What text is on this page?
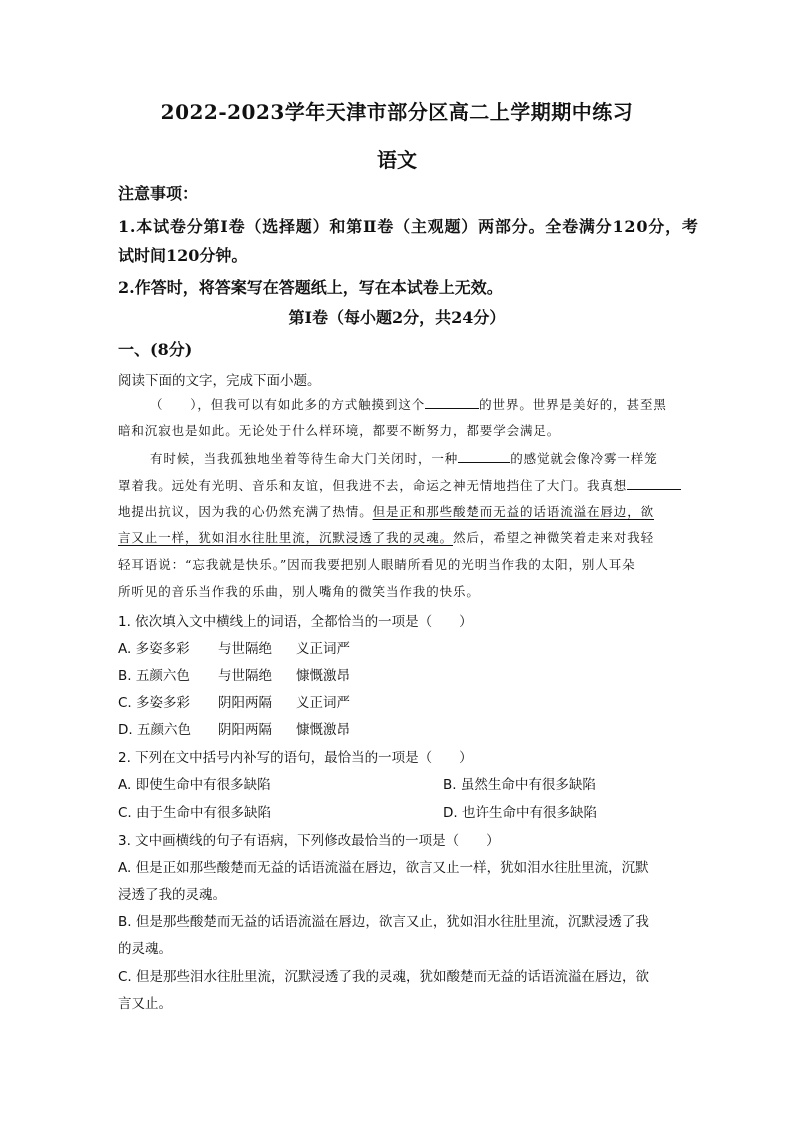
2022-2023学年天津市部分区高二上学期期中练习
语文
注意事项：
1.本试卷分第Ⅰ卷（选择题）和第Ⅱ卷（主观题）两部分。全卷满分120分，考
试时间120分钟。
2.作答时，将答案写在答题纸上，写在本试卷上无效。
第Ⅰ卷（每小题2分，共24分）
一、(8分)
阅读下面的文字，完成下面小题。
（　　），但我可以有如此多的方式触摸到这个	的世界。世界是美好的，甚至黑
暗和沉寂也是如此。无论处于什么样环境，都要不断努力，都要学会满足。
有时候，当我孤独地坐着等待生命大门关闭时，一种	的感觉就会像冷雾一样笼
罩着我。远处有光明、音乐和友谊，但我进不去，命运之神无情地挡住了大门。我真想
地提出抗议，因为我的心仍然充满了热情。但是正和那些酸楚而无益的话语流溢在唇边，欲
言又止一样，犹如泪水往肚里流，沉默浸透了我的灵魂。然后，希望之神微笑着走来对我轻
轻耳语说：“忘我就是快乐。”因而我要把别人眼睛所看见的光明当作我的太阳，别人耳朵
所听见的音乐当作我的乐曲，别人嘴角的微笑当作我的快乐。
1. 依次填入文中横线上的词语，全都恰当的一项是（　　）
A. 多姿多彩 与世隔绝 义正词严
B. 五颜六色 与世隔绝 慷慨激昂
C. 多姿多彩 阴阳两隔 义正词严
D. 五颜六色 阴阳两隔 慷慨激昂
2. 下列在文中括号内补写的语句，最恰当的一项是（　　）
A. 即使生命中有很多缺陷	B. 虽然生命中有很多缺陷
C. 由于生命中有很多缺陷	D. 也许生命中有很多缺陷
3. 文中画横线的句子有语病，下列修改最恰当的一项是（　　）
A. 但是正如那些酸楚而无益的话语流溢在唇边，欲言又止一样，犹如泪水往肚里流，沉默
浸透了我的灵魂。
B. 但是那些酸楚而无益的话语流溢在唇边，欲言又止，犹如泪水往肚里流，沉默浸透了我
的灵魂。
C. 但是那些泪水往肚里流，沉默浸透了我的灵魂，犹如酸楚而无益的话语流溢在唇边，欲
言又止。
